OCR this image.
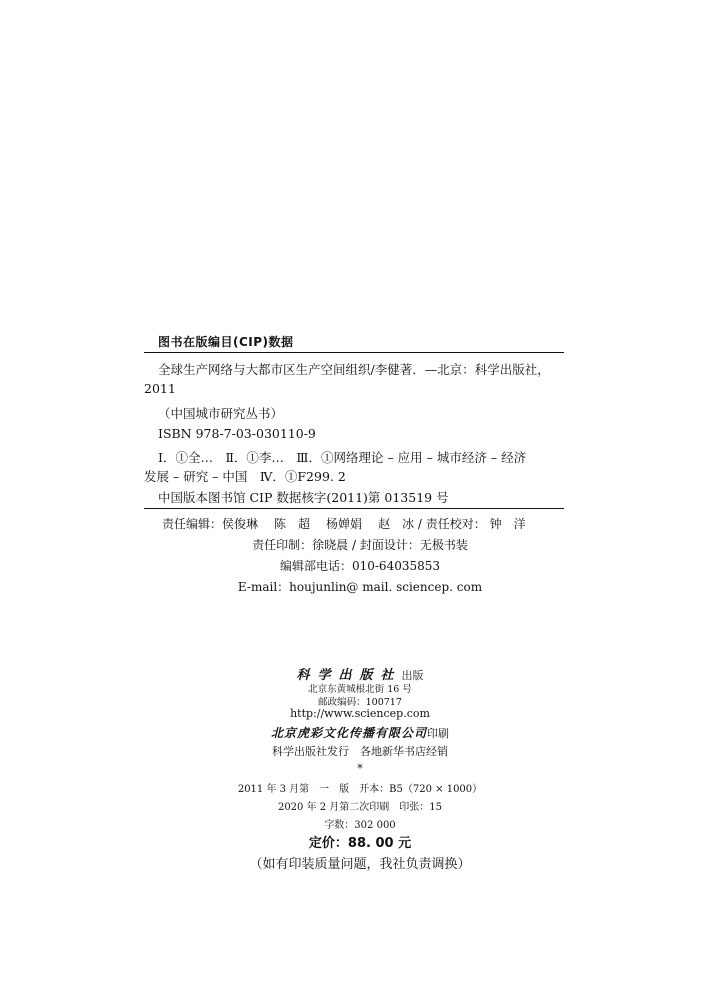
图书在版编目(CIP)数据
全球生产网络与大都市区生产空间组织/李健著．—北京：科学出版社，
2011
（中国城市研究丛书）
ISBN 978-7-03-030110-9
Ⅰ．①全…　Ⅱ．①李…　Ⅲ．①网络理论 – 应用 – 城市经济 – 经济
发展 – 研究 – 中国　Ⅳ．①F299. 2
中国版本图书馆 CIP 数据核字(2011)第 013519 号
责任编辑：侯俊琳 陈　超 杨婵娟 赵　冰 / 责任校对： 钟　洋
责任印制：徐晓晨 / 封面设计：无极书装
编辑部电话：010-64035853
E-mail：houjunlin@ mail. sciencep. com
科学出版社出版
北京东黄城根北街 16 号
邮政编码：100717
http://www.sciencep.com
北京虎彩文化传播有限公司印刷
科学出版社发行　各地新华书店经销
*
2011 年 3 月第　一　版　开本：B5（720 × 1000）
2020 年 2 月第二次印刷　印张：15
字数：302 000
定价：88. 00 元
（如有印装质量问题，我社负责调换）
